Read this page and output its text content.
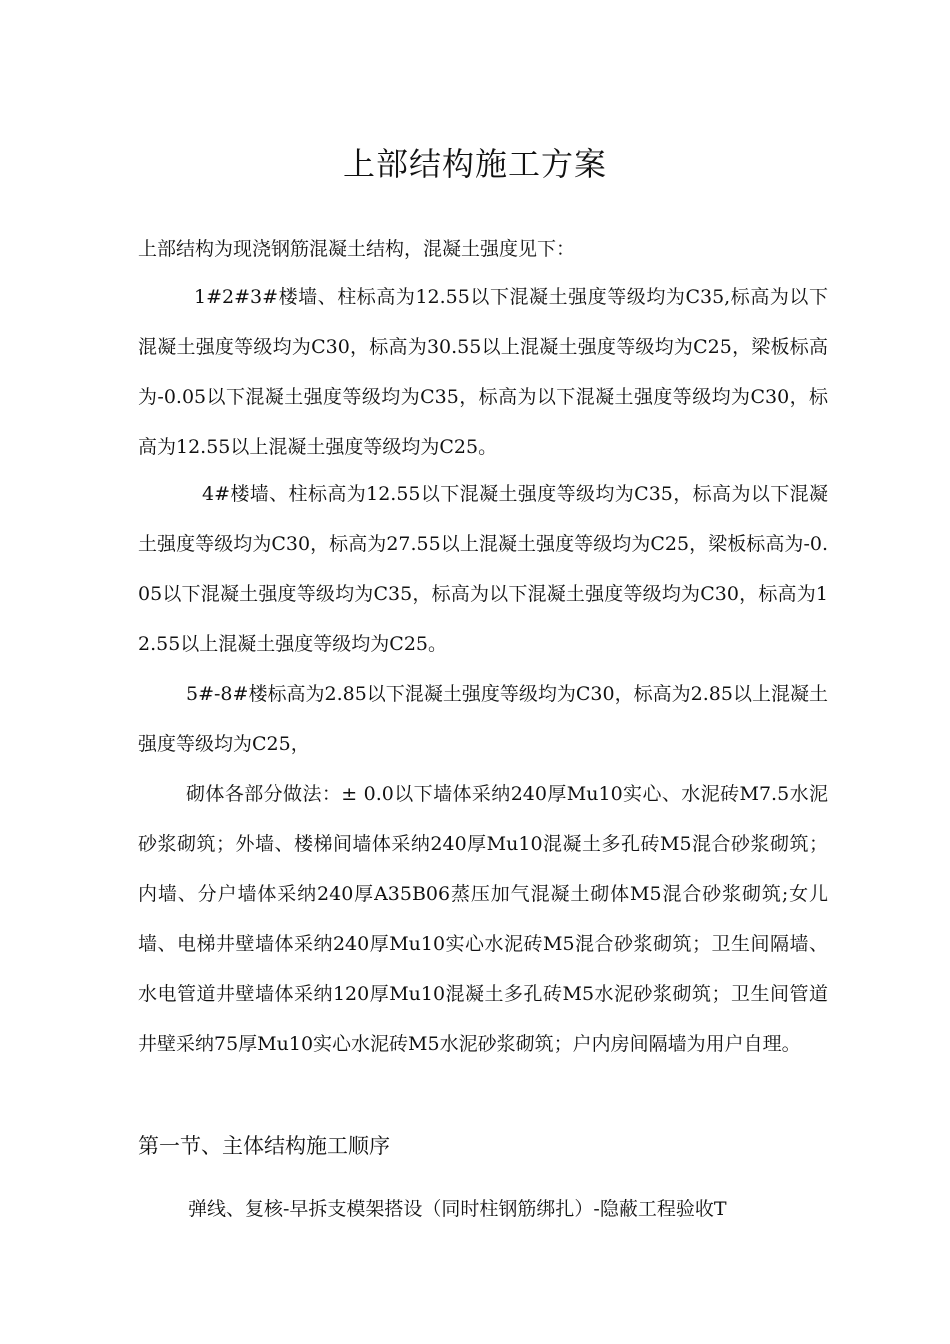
上部结构施工方案

上部结构为现浇钢筋混凝土结构，混凝土强度见下：

1#2#3#楼墙、柱标高为12.55以下混凝土强度等级均为C35,标高为以下混凝土强度等级均为C30，标高为30.55以上混凝土强度等级均为C25，梁板标高为-0.05以下混凝土强度等级均为C35，标高为以下混凝土强度等级均为C30，标高为12.55以上混凝土强度等级均为C25。

4#楼墙、柱标高为12.55以下混凝土强度等级均为C35，标高为以下混凝土强度等级均为C30，标高为27.55以上混凝土强度等级均为C25，梁板标高为-0.05以下混凝土强度等级均为C35，标高为以下混凝土强度等级均为C30，标高为12.55以上混凝土强度等级均为C25。

5#-8#楼标高为2.85以下混凝土强度等级均为C30，标高为2.85以上混凝土强度等级均为C25，

砌体各部分做法：± 0.0以下墙体采纳240厚Mu10实心、水泥砖M7.5水泥砂浆砌筑；外墙、楼梯间墙体采纳240厚Mu10混凝土多孔砖M5混合砂浆砌筑；内墙、分户墙体采纳240厚A35B06蒸压加气混凝土砌体M5混合砂浆砌筑;女儿墙、电梯井壁墙体采纳240厚Mu10实心水泥砖M5混合砂浆砌筑；卫生间隔墙、水电管道井壁墙体采纳120厚Mu10混凝土多孔砖M5水泥砂浆砌筑；卫生间管道井壁采纳75厚Mu10实心水泥砖M5水泥砂浆砌筑；户内房间隔墙为用户自理。

第一节、主体结构施工顺序

弹线、复核-早拆支模架搭设（同时柱钢筋绑扎）-隐蔽工程验收T
